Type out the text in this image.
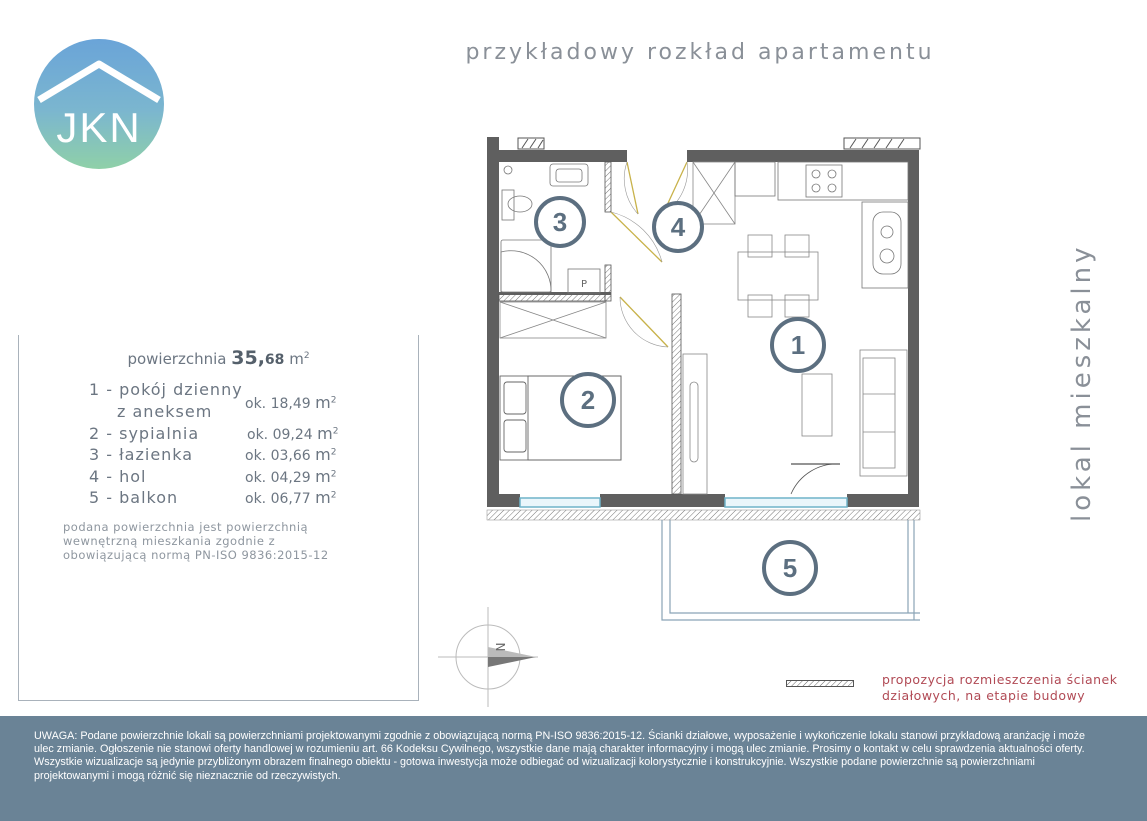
JKN
przykładowy rozkład apartamentu
powierzchnia 35,68 $m^2$
1 - pokój dzienny
z aneksem ok. 18,49 $m^2$
2 - sypialnia	ok. 09,24 $m^2$
3 - łazienka	ok. 03,66 $m^2$
4 - hol	ok. 04,29 $m^2$
5 - balkon	ok. 06,77 $m^2$
podana powierzchnia jest powierzchnią wewnętrzną mieszkania zgodnie z obowiązującą normą PN-ISO 9836:2015-12
P
1
2
3	4
5
lokal mieszkalny
N
propozycja rozmieszczenia ścianek
działowych, na etapie budowy
UWAGA: Podane powierzchnie lokali są powierzchniami projektowanymi zgodnie z obowiązującą normą PN-ISO 9836:2015-12. Ścianki działowe, wyposażenie i wykończenie lokalu stanowi przykładową aranżację i może ulec zmianie. Ogłoszenie nie stanowi oferty handlowej w rozumieniu art. 66 Kodeksu Cywilnego, wszystkie dane mają charakter informacyjny i mogą ulec zmianie. Prosimy o kontakt w celu sprawdzenia aktualności oferty. Wszystkie wizualizacje są jedynie przybliżonym obrazem finalnego obiektu - gotowa inwestycja może odbiegać od wizualizacji kolorystycznie i konstrukcyjnie. Wszystkie podane powierzchnie są powierzchniami projektowanymi i mogą różnić się nieznacznie od rzeczywistych.
